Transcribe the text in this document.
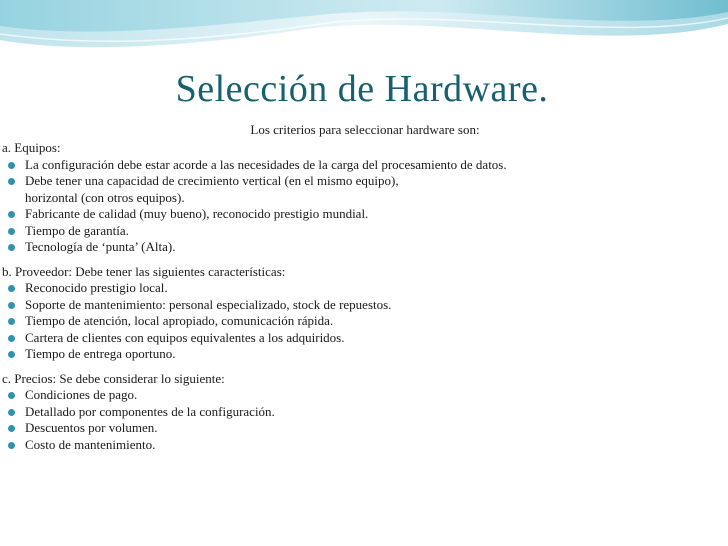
Selección de Hardware.
Los criterios para seleccionar hardware son:

a. Equipos:

La configuración debe estar acorde a las necesidades de la carga del procesamiento de datos.
Debe tener una capacidad de crecimiento vertical (en el mismo equipo),
horizontal (con otros equipos).
Fabricante de calidad (muy bueno), reconocido prestigio mundial.
Tiempo de garantía.
Tecnología de ‘punta’ (Alta).

b. Proveedor: Debe tener las siguientes características:

Reconocido prestigio local.
Soporte de mantenimiento: personal especializado, stock de repuestos.
Tiempo de atención, local apropiado, comunicación rápida.
Cartera de clientes con equipos equivalentes a los adquiridos.
Tiempo de entrega oportuno.

c. Precios: Se debe considerar lo siguiente:

Condiciones de pago.
Detallado por componentes de la configuración.
Descuentos por volumen.
Costo de mantenimiento.
